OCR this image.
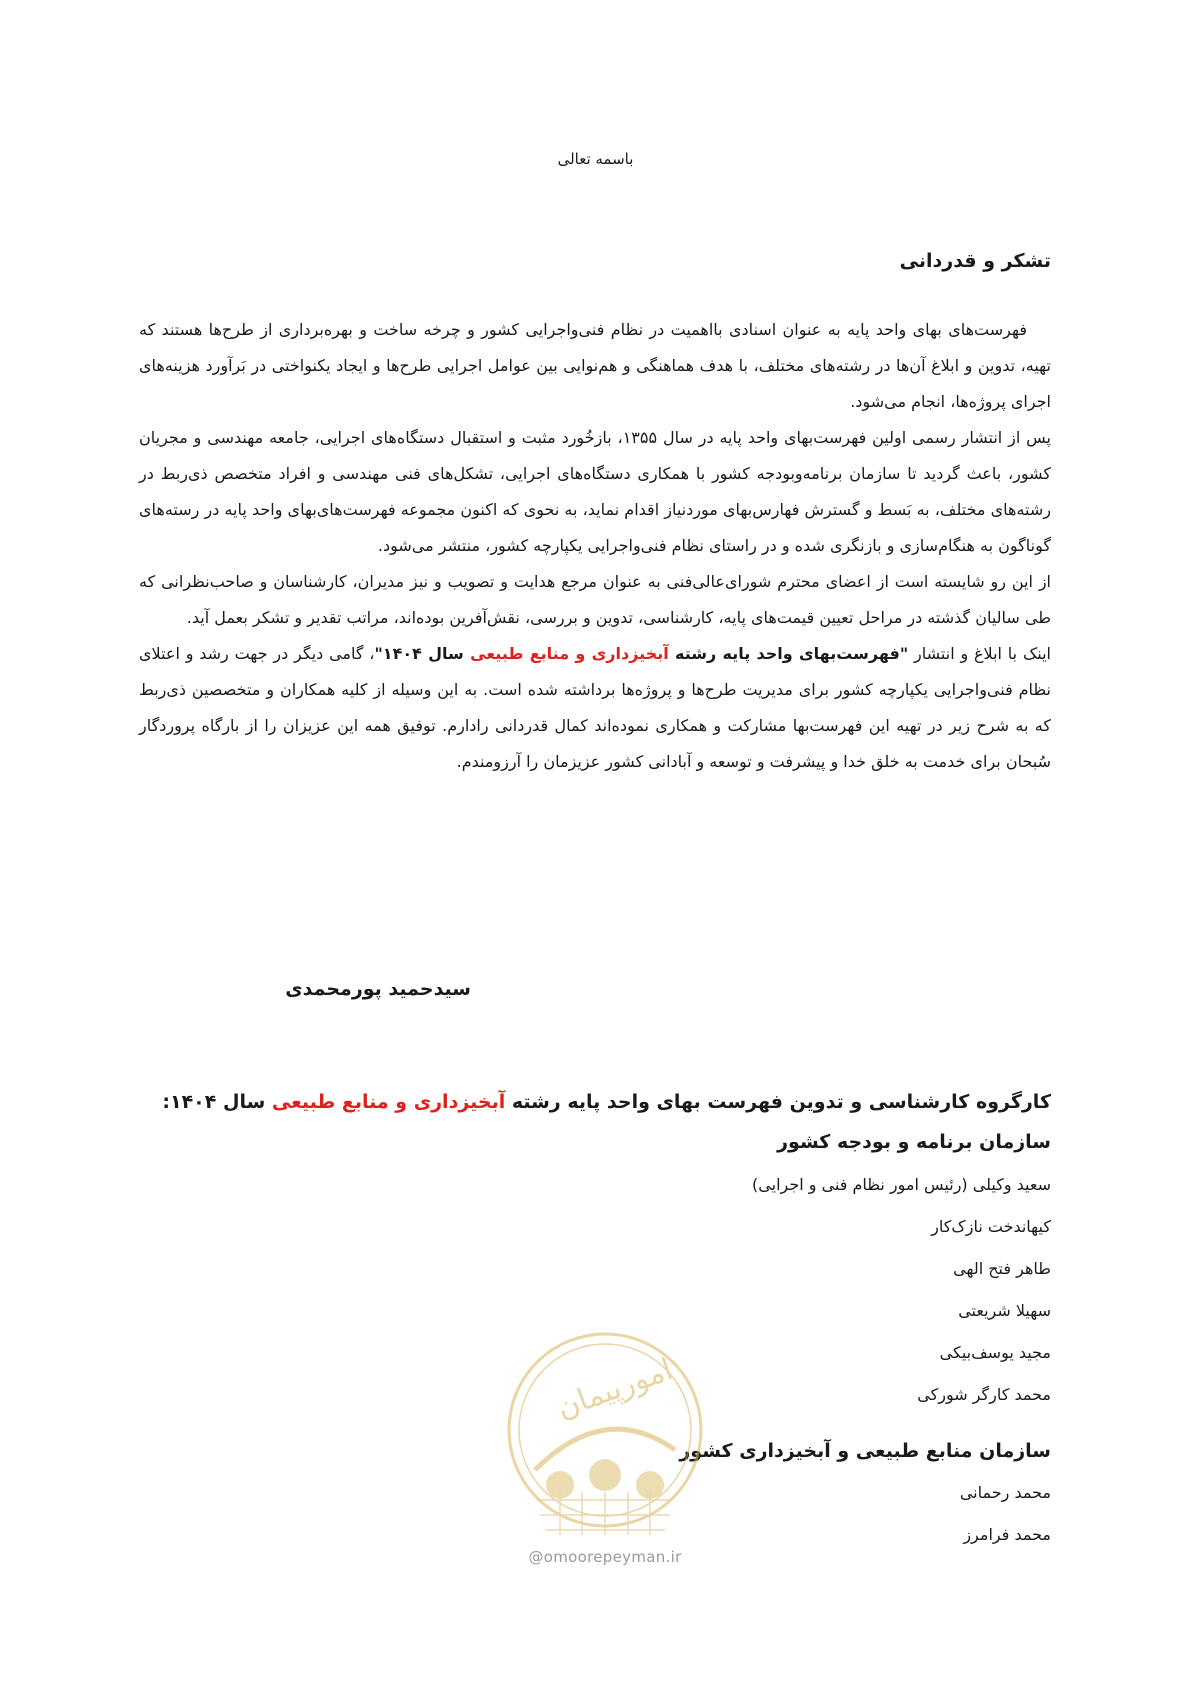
باسمه تعالی
تشکر و قدردانی

فهرست‌های بهای واحد پایه به عنوان اسنادی بااهمیت در نظام فنی‌واجرایی کشور و چرخه ساخت و بهره‌برداری از طرح‌ها هستند که تهیه، تدوین و ابلاغ آن‌ها در رشته‌های مختلف، با هدف هماهنگی و هم‌نوایی بین عوامل اجرایی طرح‌ها و ایجاد یکنواختی در بَرآورد هزینه‌های اجرای پروژه‌ها، انجام می‌شود.

پس از انتشار رسمی اولین فهرست‌بهای واحد پایه در سال ۱۳۵۵، بازخُورد مثبت و استقبال دستگاه‌های اجرایی، جامعه مهندسی و مجریان کشور، باعث گردید تا سازمان برنامه‌وبودجه کشور با همکاری دستگاه‌های اجرایی، تشکل‌های فنی مهندسی و افراد متخصص ذی‌ربط در رشته‌های مختلف، به بَسط و گسترش فهارس‌بهای موردنیاز اقدام نماید، به نحوی که اکنون مجموعه فهرست‌های‌بهای واحد پایه در رسته‌های گوناگون به هنگام‌سازی و بازنگری شده و در راستای نظام فنی‌واجرایی یکپارچه کشور، منتشر می‌شود.

از این رو شایسته است از اعضای محترم شورای‌عالی‌فنی به عنوان مرجع هدایت و تصویب و نیز مدیران، کارشناسان و صاحب‌نظرانی که طی سالیان گذشته در مراحل تعیین قیمت‌های پایه، کارشناسی، تدوین و بررسی، نقش‌آفرین بوده‌اند، مراتب تقدیر و تشکر بعمل آید.

اینک با ابلاغ و انتشار "فهرست‌بهای واحد پایه رشته آبخیزداری و منابع طبیعی سال ۱۴۰۴"، گامی دیگر در جهت رشد و اعتلای نظام فنی‌واجرایی یکپارچه کشور برای مدیریت طرح‌ها و پروژه‌ها برداشته شده است. به این وسیله از کلیه همکاران و متخصصین ذی‌ربط که به شرح زیر در تهیه این فهرست‌بها مشارکت و همکاری نموده‌اند کمال قدردانی رادارم. توفیق همه این عزیزان را از بارگاه پروردگار سُبحان برای خدمت به خلق خدا و پیشرفت و توسعه و آبادانی کشور عزیزمان را آرزومندم.

سیدحمید پورمحمدی
کارگروه کارشناسی و تدوین فهرست بهای واحد پایه رشته آبخیزداری و منابع طبیعی سال ۱۴۰۴:
سازمان برنامه و بودجه کشور
سعید وکیلی (رئیس امور نظام فنی و اجرایی)
کیهاندخت نازک‌کار
طاهر فتح الهی
سهیلا شریعتی
مجید یوسف‌بیکی
محمد کارگر شورکی
سازمان منابع طبیعی و آبخیزداری کشور
محمد رحمانی
محمد فرامرز
امورپیمان
@omoorepeyman.ir
